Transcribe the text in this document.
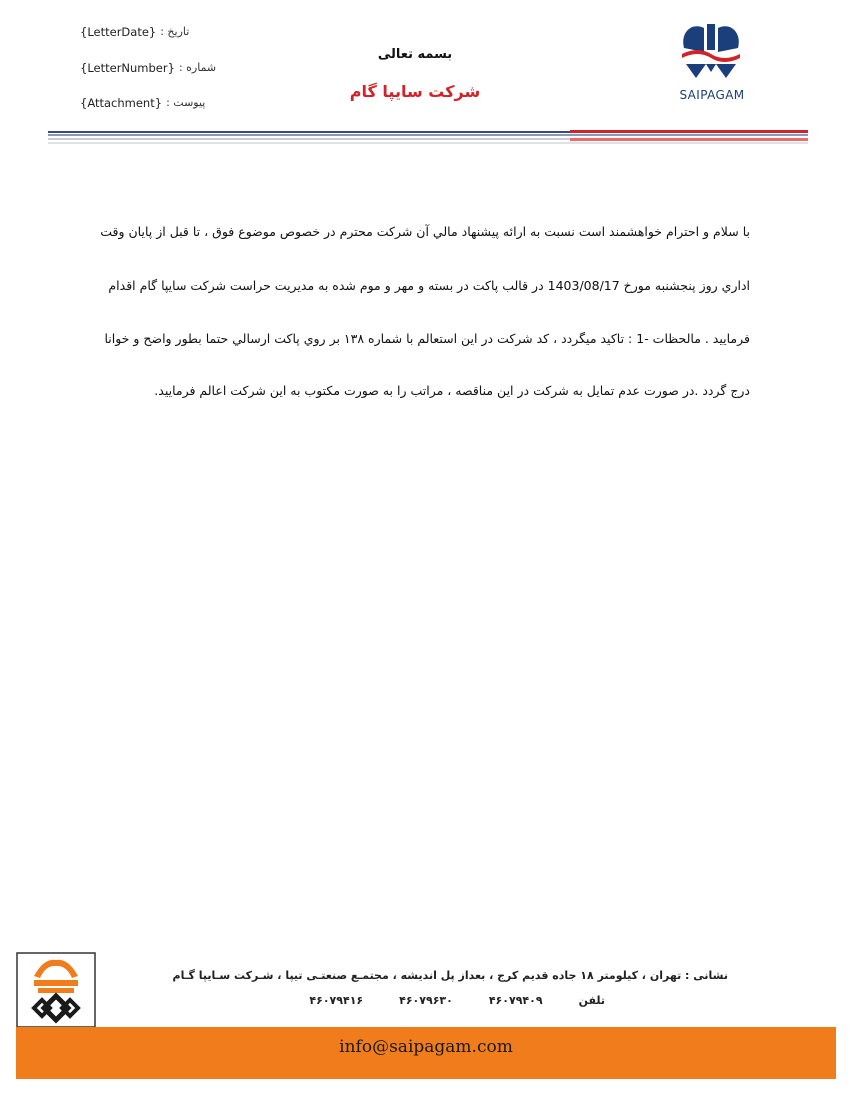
تاریخ :
{LetterDate}
شماره :
{LetterNumber}
پیوست :
{Attachment}
بسمه تعالی
شرکت سایپا گام	SAIPAGAM
با سلام و احترام خواهشمند است نسبت به ارائه پیشنهاد مالي آن شركت محترم در خصوص موضوع فوق ، تا قبل از پایان وقت
اداري روز پنجشنبه مورخ 1403/08/17 در قالب پاكت در بسته و مهر و موم شده به مدیریت حراست شرکت سایپا گام اقدام
فرمایید . مالحظات -1 : تاکید میگردد ، کد شرکت در این استعالم با شماره ۱۳۸ بر روي پاكت ارسالي حتما بطور واضح و خوانا
درج گردد .در صورت عدم تمایل به شرکت در این مناقصه ، مراتب را به صورت مکتوب به این شرکت اعالم فرمایید.
نشانی : تهران ، کیلومتر ۱۸ جاده قدیم کرج ، بعداز پل اندیشه ، مجتمـع صنعتـی تیپا ، شـرکت سـایپا گـام
تلفن
۴۶۰۷۹۴۰۹
۴۶۰۷۹۶۳۰
۴۶۰۷۹۴۱۶
info@saipagam.com
